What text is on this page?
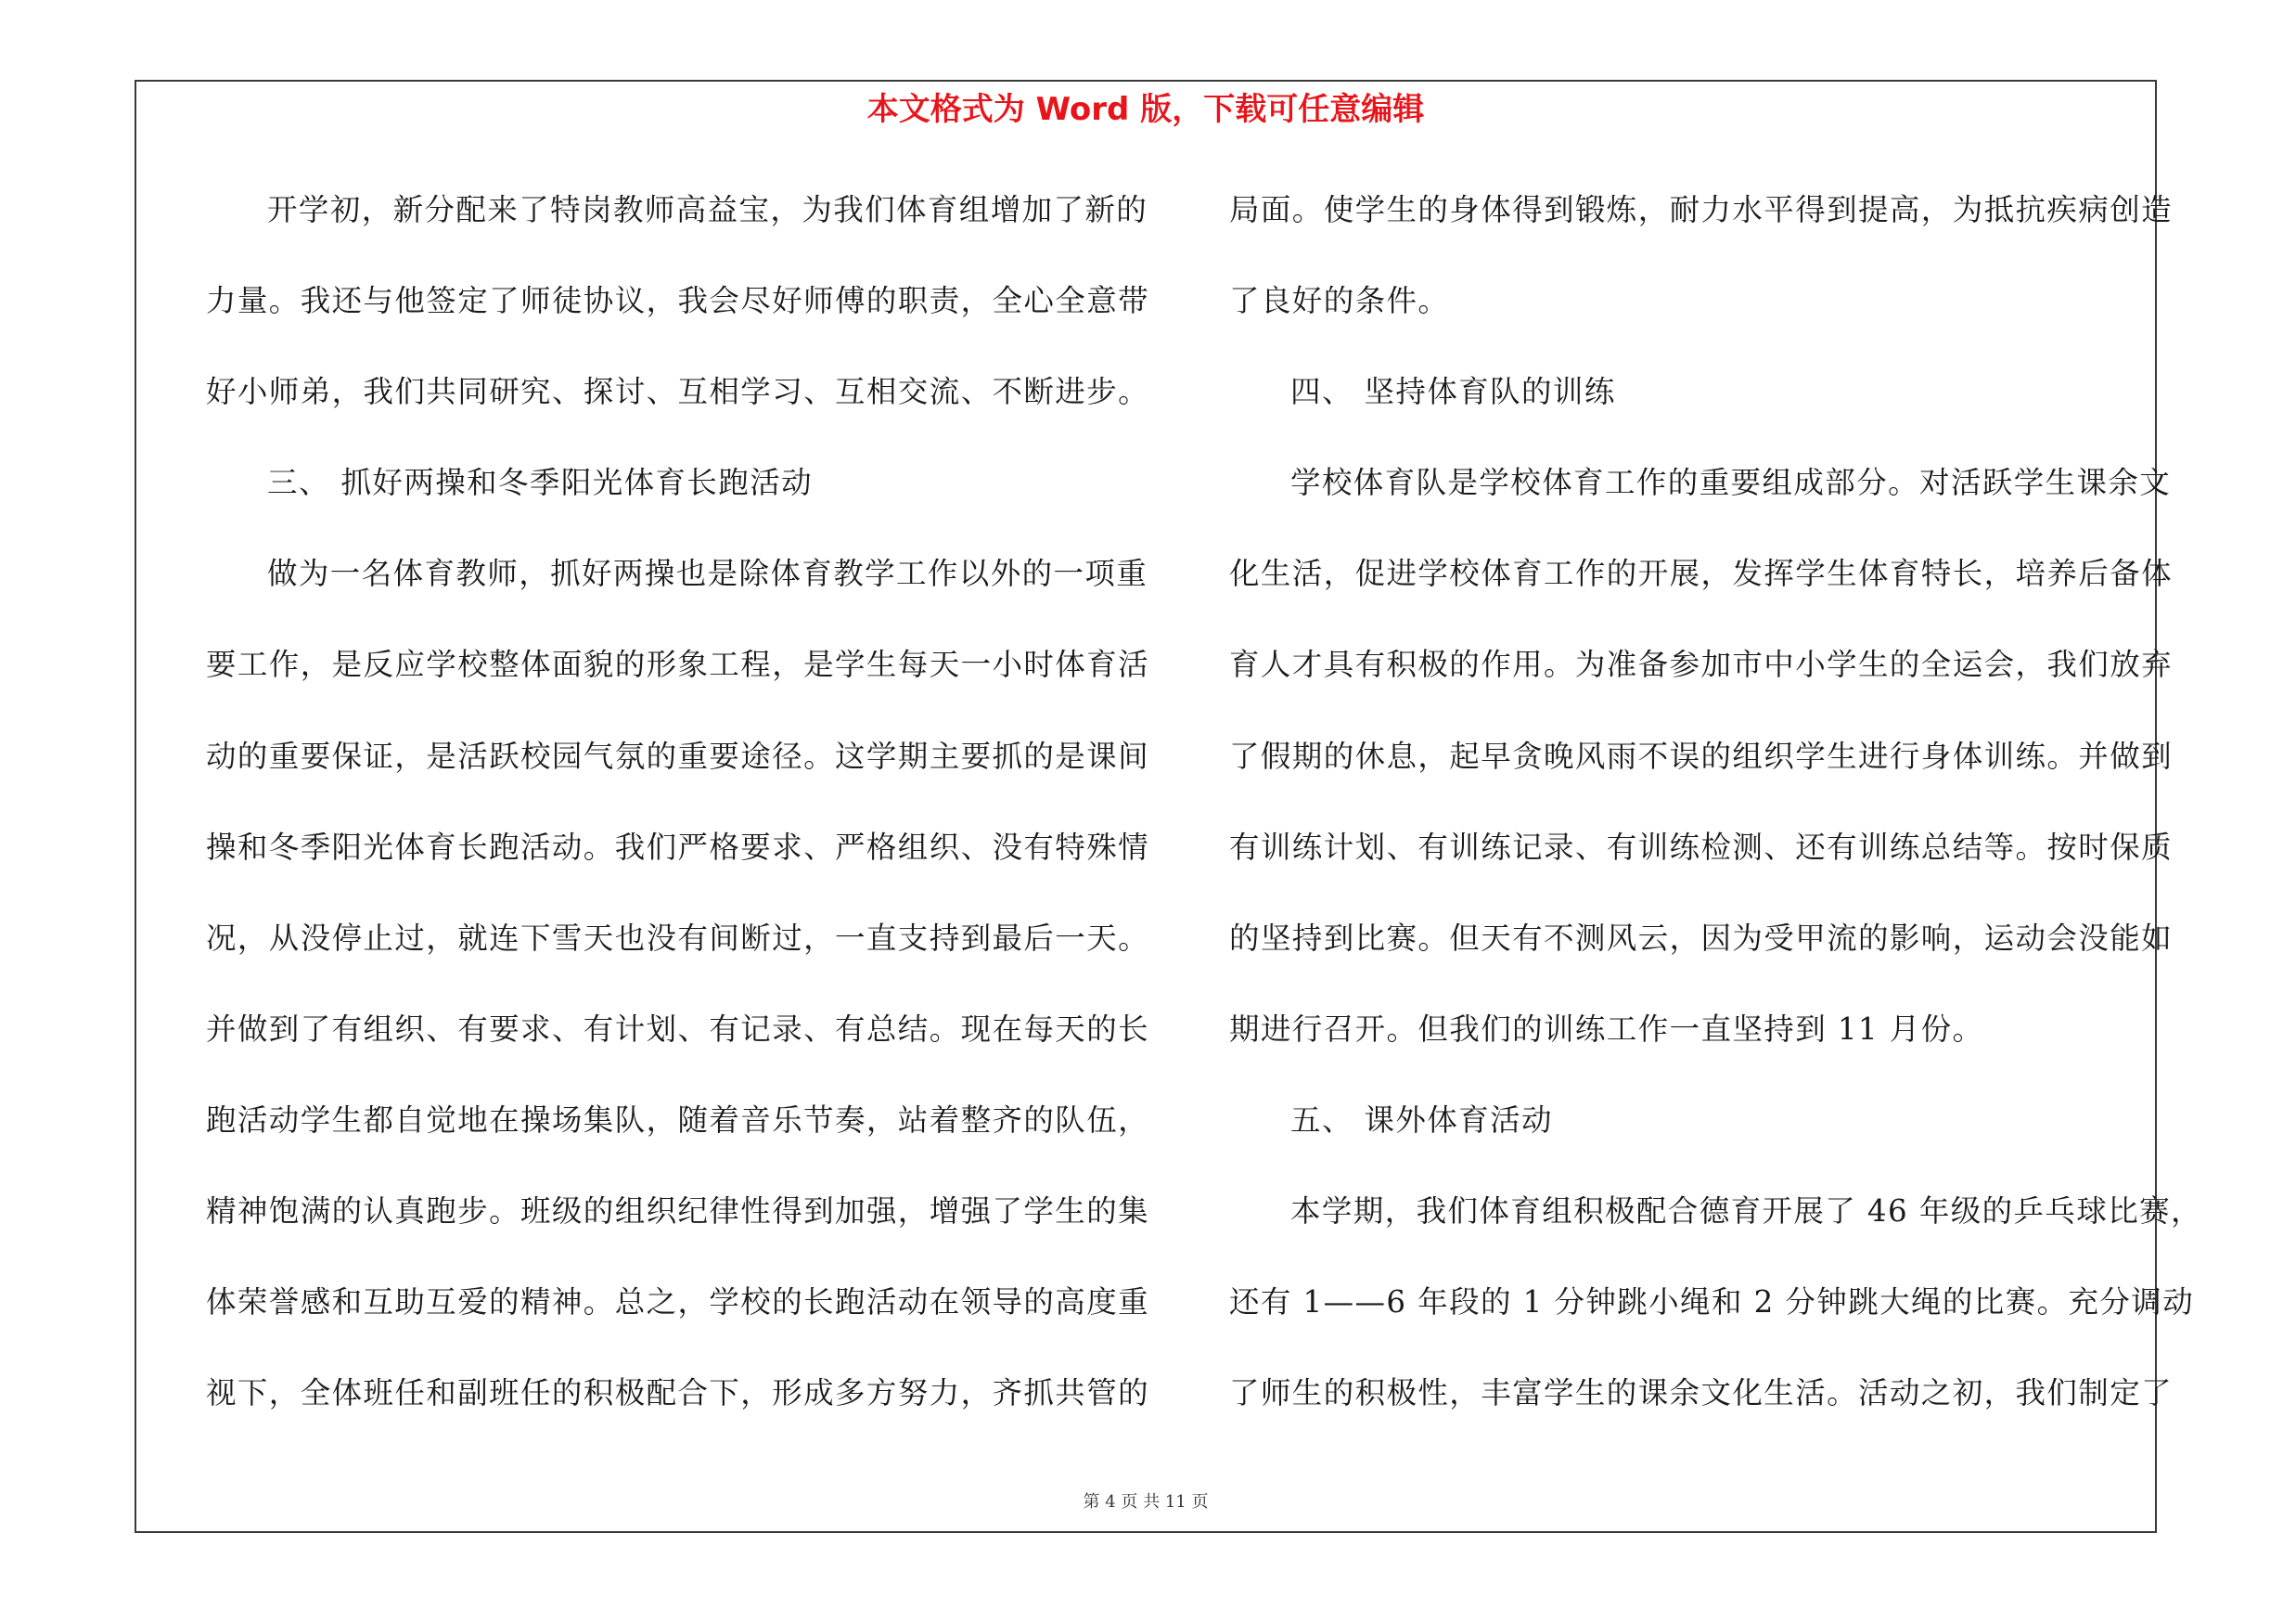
本文格式为 Word 版，下载可任意编辑
开学初，新分配来了特岗教师高益宝，为我们体育组增加了新的
力量。我还与他签定了师徒协议，我会尽好师傅的职责，全心全意带
好小师弟，我们共同研究、探讨、互相学习、互相交流、不断进步。
三、 抓好两操和冬季阳光体育长跑活动
做为一名体育教师，抓好两操也是除体育教学工作以外的一项重
要工作，是反应学校整体面貌的形象工程，是学生每天一小时体育活
动的重要保证，是活跃校园气氛的重要途径。这学期主要抓的是课间
操和冬季阳光体育长跑活动。我们严格要求、严格组织、没有特殊情
况，从没停止过，就连下雪天也没有间断过，一直支持到最后一天。
并做到了有组织、有要求、有计划、有记录、有总结。现在每天的长
跑活动学生都自觉地在操场集队，随着音乐节奏，站着整齐的队伍，
精神饱满的认真跑步。班级的组织纪律性得到加强，增强了学生的集
体荣誉感和互助互爱的精神。总之，学校的长跑活动在领导的高度重
视下，全体班任和副班任的积极配合下，形成多方努力，齐抓共管的
局面。使学生的身体得到锻炼，耐力水平得到提高，为抵抗疾病创造
了良好的条件。
四、 坚持体育队的训练
学校体育队是学校体育工作的重要组成部分。对活跃学生课余文
化生活，促进学校体育工作的开展，发挥学生体育特长，培养后备体
育人才具有积极的作用。为准备参加市中小学生的全运会，我们放弃
了假期的休息，起早贪晚风雨不误的组织学生进行身体训练。并做到
有训练计划、有训练记录、有训练检测、还有训练总结等。按时保质
的坚持到比赛。但天有不测风云，因为受甲流的影响，运动会没能如
期进行召开。但我们的训练工作一直坚持到 11 月份。
五、 课外体育活动
本学期，我们体育组积极配合德育开展了 46 年级的乒乓球比赛，
还有 1——6 年段的 1 分钟跳小绳和 2 分钟跳大绳的比赛。充分调动
了师生的积极性，丰富学生的课余文化生活。活动之初，我们制定了
第 4 页 共 11 页
